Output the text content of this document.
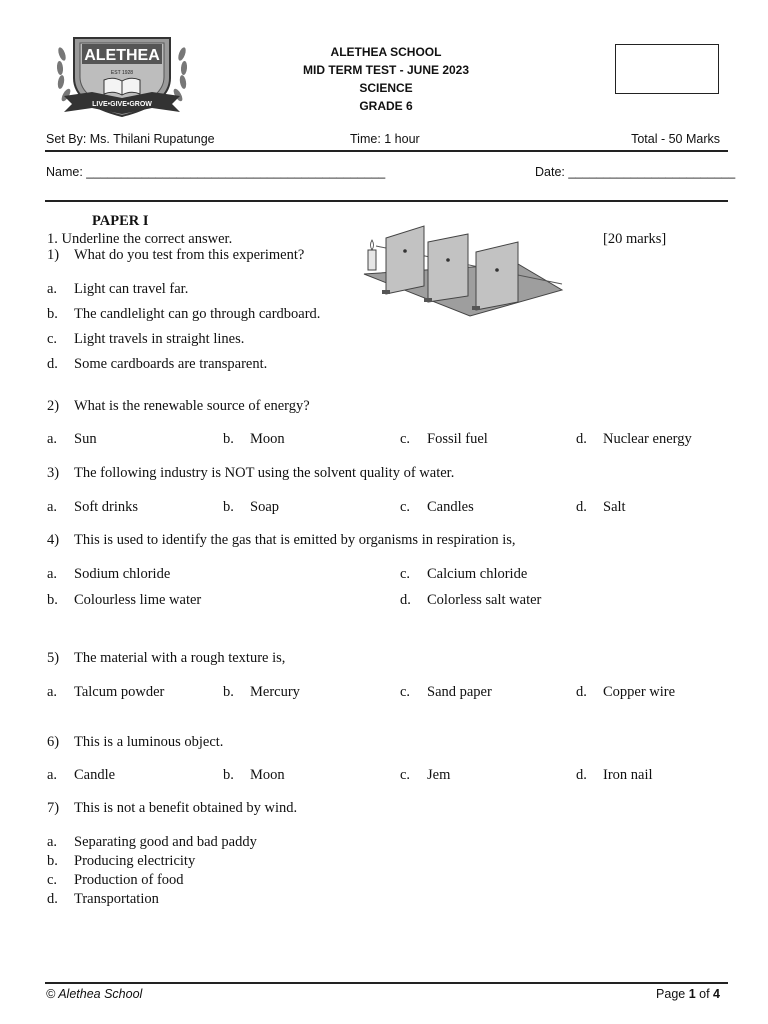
ALETHEA
EST 1928
LIVE•GIVE•GROW
ALETHEA SCHOOL
MID TERM TEST - JUNE 2023
SCIENCE
GRADE 6
Set By: Ms. Thilani Rupatunge	Time: 1 hour	Total - 50 Marks
Name: ___________________________________________	Date: ________________________
PAPER I
1. Underline the correct answer.	[20 marks]
1) What do you test from this experiment?
a.	Light can travel far.
b.	The candlelight can go through cardboard.
c.	Light travels in straight lines.
d.	Some cardboards are transparent.
2) What is the renewable source of energy?
a.	Sun	b.	Moon	c.	Fossil fuel	d.	Nuclear energy
3) The following industry is NOT using the solvent quality of water.
a.	Soft drinks	b.	Soap	c.	Candles	d.	Salt
4) This is used to identify the gas that is emitted by organisms in respiration is,
a.	Sodium chloride
b.	Colourless lime water
c.	Calcium chloride
d.	Colorless salt water
5) The material with a rough texture is,
a.	Talcum powder	b.	Mercury	c.	Sand paper	d.	Copper wire
6) This is a luminous object.
a.	Candle	b.	Moon	c.	Jem	d.	Iron nail
7) This is not a benefit obtained by wind.
a.	Separating good and bad paddy
b.	Producing electricity
c.	Production of food
d.	Transportation
© Alethea School	Page 1 of 4
